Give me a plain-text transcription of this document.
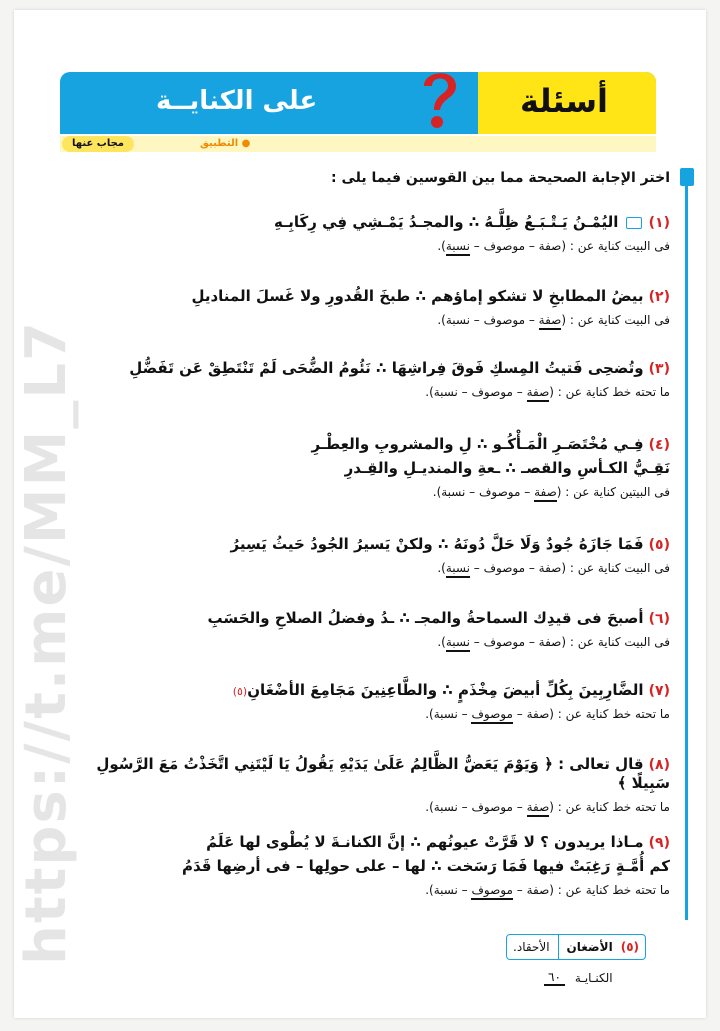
https://t.me/MM_L7
أسئلة
على الكنايــة
مجاب عنها	● التطبيق
اختر الإجابة الصحيحة مما بين القوسين فيما يلى :
(١)  اليُمْـنُ يَـتْـبَـعُ ظِلَّـهُ ∴ والمجـدُ يَمْـشِي فِي رِكَابِـهِ
فى البيت كناية عن : (صفة – موصوف – نسبة).
(٢) بيضُ المطابخِ لا تشكو إماؤهم ∴ طبخَ القُدورِ ولا غَسلَ المناديلِ
فى البيت كناية عن : (صفة – موصوف – نسبة).
(٣) وتُضحِى فَتيتُ المِسكِ فَوقَ فِراشِهَا ∴ نَئُومُ الضُّحَى لَمْ تَنْتَطِقْ عَن تَفَضُّلِ
ما تحته خط كناية عن : (صفة – موصوف – نسبة).
(٤) فِـي مُخْتَصَـرِ الْمَـأْكُـو ∴ لِ والمشروبِ والعِطْـرِ
نَقِـيُّ الكـأسِ والقصـ ∴ ـعةِ والمنديـلِ والقِـدرِ
فى البيتين كناية عن : (صفة – موصوف – نسبة).
(٥) فَمَا جَازَهُ جُودٌ وَلَا حَلَّ دُونَهُ ∴ ولكنْ يَسيرُ الجُودُ حَيثُ يَسِيرُ
فى البيت كناية عن : (صفة – موصوف – نسبة).
(٦) أصبحَ فى قيدِك السماحةُ والمجـ ∴ ـدُ وفضلُ الصلاحِ والحَسَبِ
فى البيت كناية عن : (صفة – موصوف – نسبة).
(٧) الضَّارِبِينَ بِكُلِّ أبيضَ مِخْذَمٍ ∴ والطَّاعِنِينَ مَجَامِعَ الأضْغَانِ(٥)
ما تحته خط كناية عن : (صفة – موصوف – نسبة).
(٨) قال تعالى : ﴿ وَيَوْمَ يَعَضُّ الظَّالِمُ عَلَىٰ يَدَيْهِ يَقُولُ يَا لَيْتَنِي اتَّخَذْتُ مَعَ الرَّسُولِ سَبِيلًا ﴾
ما تحته خط كناية عن : (صفة – موصوف – نسبة).
(٩) مـاذا يريدون ؟ لا قَرَّتْ عيونُهم ∴ إنَّ الكنانـةَ لا يُطْوى لها عَلَمُ
كم أُمَّـةٍ رَغِبَتْ فيها فَمَا رَسَخت ∴ لها – على حولِها – فى أرضِها قَدَمُ
ما تحته خط كناية عن : (صفة – موصوف – نسبة).
(٥)
الأضغان
الأحقاد.
الكنـايـة
٦٠
